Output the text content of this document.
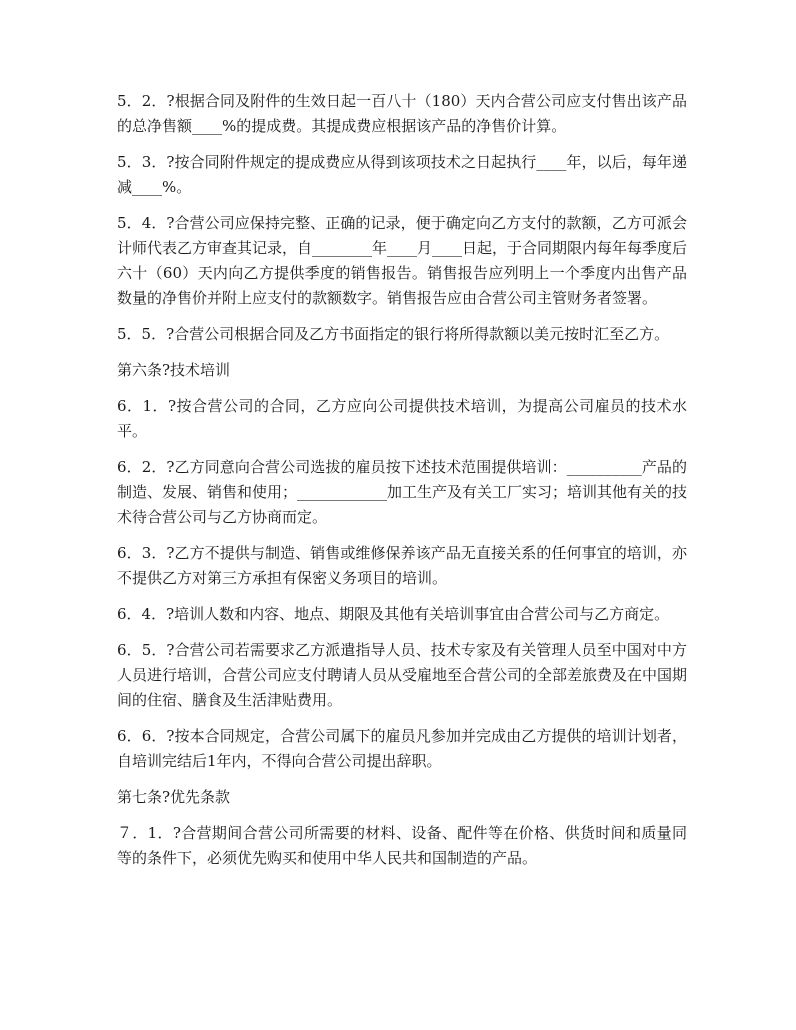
5．2．?根据合同及附件的生效日起一百八十（180）天内合营公司应支付售出该产品的总净售额____%的提成费。其提成费应根据该产品的净售价计算。

5．3．?按合同附件规定的提成费应从得到该项技术之日起执行____年，以后，每年递减____%。

5．4．?合营公司应保持完整、正确的记录，便于确定向乙方支付的款额，乙方可派会计师代表乙方审查其记录，自________年____月____日起，于合同期限内每年每季度后六十（60）天内向乙方提供季度的销售报告。销售报告应列明上一个季度内出售产品数量的净售价并附上应支付的款额数字。销售报告应由合营公司主管财务者签署。

5．5．?合营公司根据合同及乙方书面指定的银行将所得款额以美元按时汇至乙方。

第六条?技术培训

6．1．?按合营公司的合同，乙方应向公司提供技术培训，为提高公司雇员的技术水平。

6．2．?乙方同意向合营公司选拔的雇员按下述技术范围提供培训：__________产品的制造、发展、销售和使用；____________加工生产及有关工厂实习；培训其他有关的技术待合营公司与乙方协商而定。

6．3．?乙方不提供与制造、销售或维修保养该产品无直接关系的任何事宜的培训，亦不提供乙方对第三方承担有保密义务项目的培训。

6．4．?培训人数和内容、地点、期限及其他有关培训事宜由合营公司与乙方商定。

6．5．?合营公司若需要求乙方派遣指导人员、技术专家及有关管理人员至中国对中方人员进行培训，合营公司应支付聘请人员从受雇地至合营公司的全部差旅费及在中国期间的住宿、膳食及生活津贴费用。

6．6．?按本合同规定，合营公司属下的雇员凡参加并完成由乙方提供的培训计划者，自培训完结后1年内，不得向合营公司提出辞职。

第七条?优先条款

７．1．?合营期间合营公司所需要的材料、设备、配件等在价格、供货时间和质量同等的条件下，必须优先购买和使用中华人民共和国制造的产品。
